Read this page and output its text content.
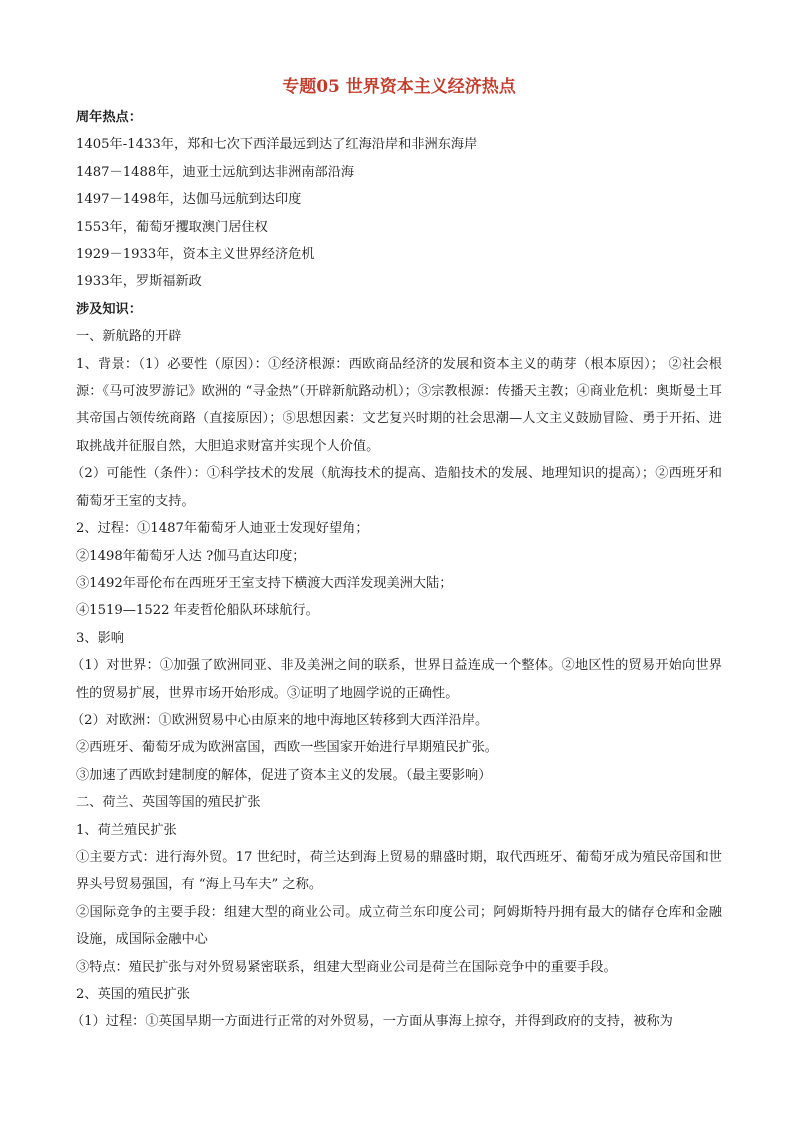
专题05 世界资本主义经济热点

周年热点：

1405年-1433年，郑和七次下西洋最远到达了红海沿岸和非洲东海岸

1487－1488年，迪亚士远航到达非洲南部沿海

1497－1498年，达伽马远航到达印度

1553年，葡萄牙攫取澳门居住权

1929－1933年，资本主义世界经济危机

1933年，罗斯福新政

涉及知识：

一、新航路的开辟

1、背景：（1）必要性（原因）：①经济根源：西欧商品经济的发展和资本主义的萌芽（根本原因）； ②社会根源：《马可波罗游记》欧洲的 “寻金热”（开辟新航路动机）；③宗教根源：传播天主教；④商业危机：奥斯曼土耳其帝国占领传统商路（直接原因）；⑤思想因素：文艺复兴时期的社会思潮—人文主义鼓励冒险、勇于开拓、进取挑战并征服自然，大胆追求财富并实现个人价值。

（2）可能性（条件）：①科学技术的发展（航海技术的提高、造船技术的发展、地理知识的提高）；②西班牙和葡萄牙王室的支持。

2、过程：①1487年葡萄牙人迪亚士发现好望角；

②1498年葡萄牙人达 ?伽马直达印度；

③1492年哥伦布在西班牙王室支持下横渡大西洋发现美洲大陆；

④1519—1522 年麦哲伦船队环球航行。

3、影响

（1）对世界：①加强了欧洲同亚、非及美洲之间的联系，世界日益连成一个整体。②地区性的贸易开始向世界性的贸易扩展，世界市场开始形成。③证明了地圆学说的正确性。

（2）对欧洲：①欧洲贸易中心由原来的地中海地区转移到大西洋沿岸。

②西班牙、葡萄牙成为欧洲富国，西欧一些国家开始进行早期殖民扩张。

③加速了西欧封建制度的解体，促进了资本主义的发展。（最主要影响）

二、荷兰、英国等国的殖民扩张

1、荷兰殖民扩张

①主要方式：进行海外贸。17 世纪时，荷兰达到海上贸易的鼎盛时期，取代西班牙、葡萄牙成为殖民帝国和世界头号贸易强国，有 “海上马车夫” 之称。

②国际竞争的主要手段：组建大型的商业公司。成立荷兰东印度公司；阿姆斯特丹拥有最大的储存仓库和金融设施，成国际金融中心

③特点：殖民扩张与对外贸易紧密联系，组建大型商业公司是荷兰在国际竞争中的重要手段。

2、英国的殖民扩张

（1）过程：①英国早期一方面进行正常的对外贸易，一方面从事海上掠夺，并得到政府的支持，被称为
